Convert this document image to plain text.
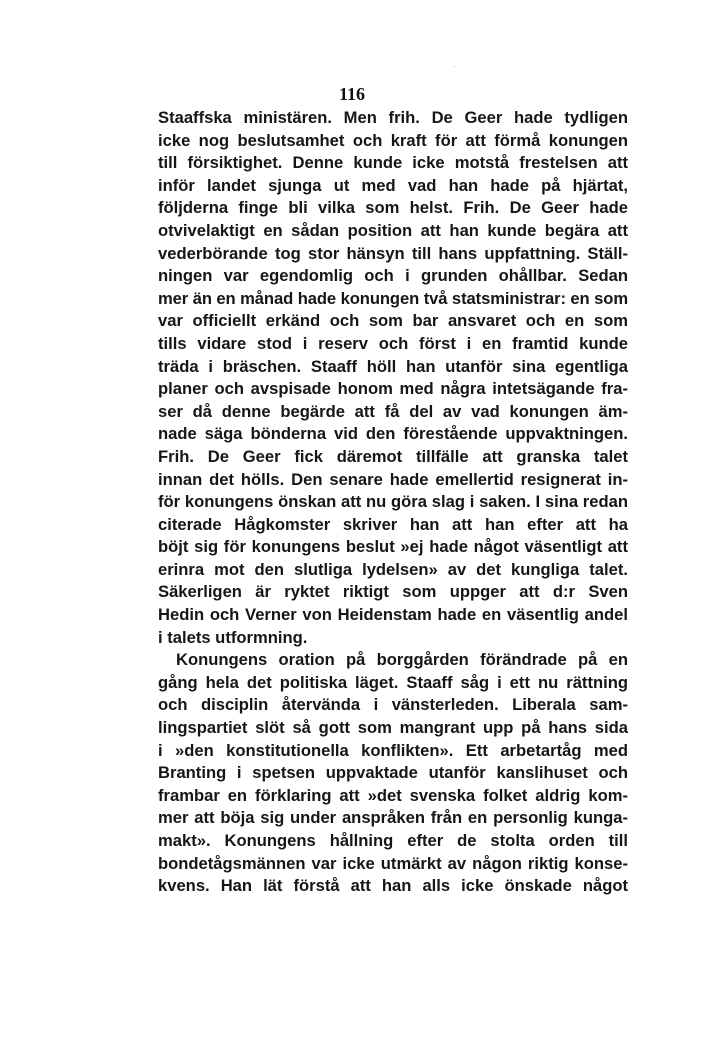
116
Staaffska ministären. Men frih. De Geer hade tydligen
icke nog beslutsamhet och kraft för att förmå konungen
till försiktighet. Denne kunde icke motstå frestelsen att
inför landet sjunga ut med vad han hade på hjärtat,
följderna finge bli vilka som helst. Frih. De Geer hade
otvivelaktigt en sådan position att han kunde begära att
vederbörande tog stor hänsyn till hans uppfattning. Ställ-
ningen var egendomlig och i grunden ohållbar. Sedan
mer än en månad hade konungen två statsministrar: en som
var officiellt erkänd och som bar ansvaret och en som
tills vidare stod i reserv och först i en framtid kunde
träda i bräschen. Staaff höll han utanför sina egentliga
planer och avspisade honom med några intetsägande fra-
ser då denne begärde att få del av vad konungen äm-
nade säga bönderna vid den förestående uppvaktningen.
Frih. De Geer fick däremot tillfälle att granska talet
innan det hölls. Den senare hade emellertid resignerat in-
för konungens önskan att nu göra slag i saken. I sina redan
citerade Hågkomster skriver han att han efter att ha
böjt sig för konungens beslut »ej hade något väsentligt att
erinra mot den slutliga lydelsen» av det kungliga talet.
Säkerligen är ryktet riktigt som uppger att d:r Sven
Hedin och Verner von Heidenstam hade en väsentlig andel
i talets utformning.
Konungens oration på borggården förändrade på en
gång hela det politiska läget. Staaff såg i ett nu rättning
och disciplin återvända i vänsterleden. Liberala sam-
lingspartiet slöt så gott som mangrant upp på hans sida
i »den konstitutionella konflikten». Ett arbetartåg med
Branting i spetsen uppvaktade utanför kanslihuset och
frambar en förklaring att »det svenska folket aldrig kom-
mer att böja sig under anspråken från en personlig kunga-
makt». Konungens hållning efter de stolta orden till
bondetågsmännen var icke utmärkt av någon riktig konse-
kvens. Han lät förstå att han alls icke önskade något
